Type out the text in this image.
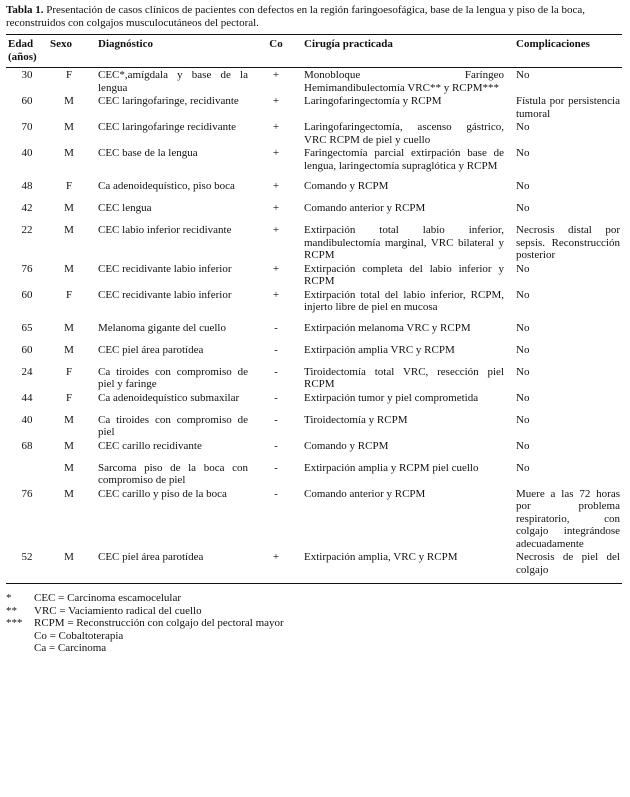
Tabla 1. Presentación de casos clínicos de pacientes con defectos en la región faringoesofágica, base de la lengua y piso de la boca, reconstruidos con colgajos musculocutáneos del pectoral.
Edad (años)	Sexo	Diagnóstico	Co	Cirugía practicada	Complicaciones
30	F	CEC*,amígdala y base de la lengua	+	Monobloque Faríngeo Hemimandibulectomía VRC** y RCPM***	No
60	M	CEC laringofaringe, recidivante	+	Laringofaringectomía y RCPM	Fístula por persistencia tumoral
70	M	CEC laringofaringe recidivante	+	Laringofaringectomía, ascenso gástrico, VRC RCPM de piel y cuello	No
40	M	CEC base de la lengua	+	Faringectomía parcial extirpación base de lengua, laringectomía supraglótica y RCPM	No
48	F	Ca adenoidequístico, piso boca	+	Comando y RCPM	No
42	M	CEC lengua	+	Comando anterior y RCPM	No
22	M	CEC labio inferior recidivante	+	Extirpación total labio inferior, mandibulectomía marginal, VRC bilateral y RCPM	Necrosis distal por sepsis. Reconstrucción posterior
76	M	CEC recidivante labio inferior	+	Extirpación completa del labio inferior y RCPM	No
60	F	CEC recidivante labio inferior	+	Extirpación total del labio inferior, RCPM, injerto libre de piel en mucosa	No
65	M	Melanoma gigante del cuello	-	Extirpación melanoma VRC y RCPM	No
60	M	CEC piel área parotídea	-	Extirpación amplia VRC y RCPM	No
24	F	Ca tiroides con compromiso de piel y faringe	-	Tiroidectomía total VRC, resección piel RCPM	No
44	F	Ca adenoidequístico submaxilar	-	Extirpación tumor y piel comprometida	No
40	M	Ca tiroides con compromiso de piel	-	Tiroidectomía y RCPM	No
68	M	CEC carillo recidivante	-	Comando y RCPM	No
	M	Sarcoma piso de la boca con compromiso de piel	-	Extirpación amplia y RCPM piel cuello	No
76	M	CEC carillo y piso de la boca	-	Comando anterior y RCPM	Muere a las 72 horas por problema respiratorio, con colgajo integrándose adecuadamente
52	M	CEC piel área parotídea	+	Extirpación amplia, VRC y RCPM	Necrosis de piel del colgajo
*	CEC = Carcinoma escamocelular
**	VRC = Vaciamiento radical del cuello
***	RCPM = Reconstrucción con colgajo del pectoral mayor
Co = Cobaltoterapia
Ca = Carcinoma
